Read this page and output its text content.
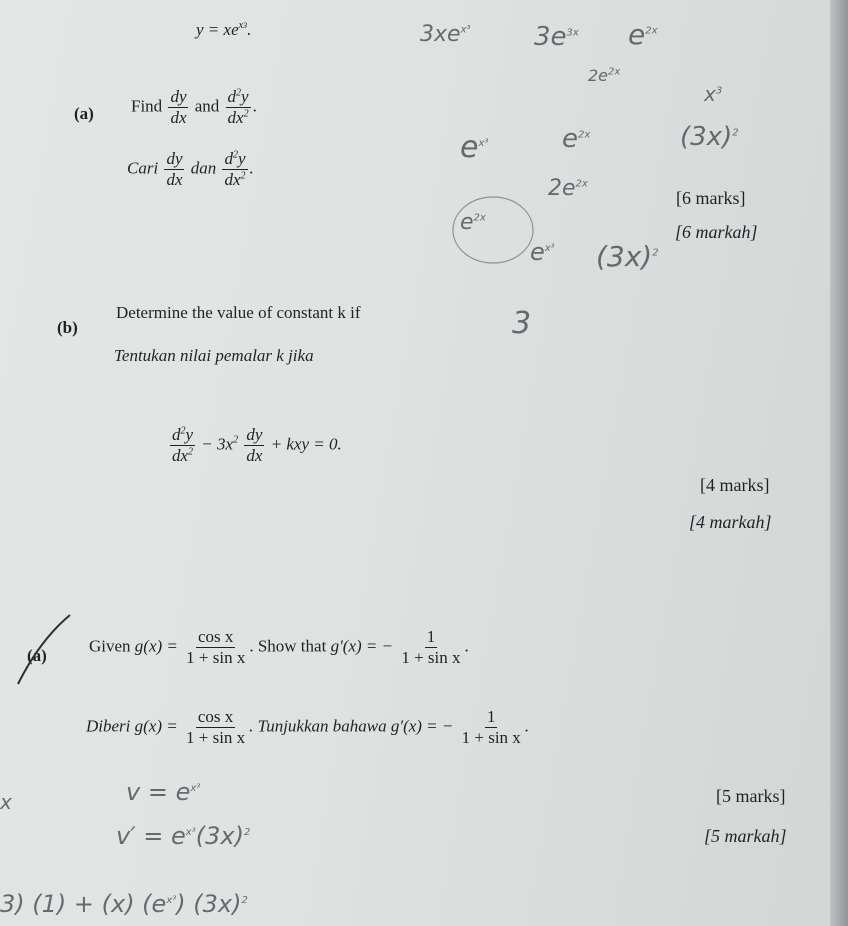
$y = xe^{x3}$.
(a) Find $\frac{dy}{dx}$ and $\frac{d^2y}{dx^2}$ .
Cari $\frac{dy}{dx}$ dan $\frac{d^2y}{dx^2}$ .
[6 marks]
[6 markah]
(b)
Determine the value of constant k if
Tentukan nilai pemalar k jika
$\frac{d^2y}{dx^2} - 3x^2 \frac{dy}{dx}$ + kxy = 0.
[4 marks]
[4 markah]
(a)
Given $g(x) = \frac{\text{cos x}}{\text{1 + sin x}}$ . Show that g′(x) = − $\frac{1}{\text{1 + sin x}}$ .
Diberi $g(x) = \frac{\text{cos x}}{\text{1 + sin x}}$ . Tunjukkan bahawa g′(x) = − $\frac{1}{\text{1 + sin x}}$ .
[5 marks]
[5 markah]
$3xe^{x^3}$ $3e^{3x}$ $e^{2x}$
$2e^{2x}$
$x^3$
$e^{x^3}$	$e^{2x}$	$(3x)^2$
$2e^{2x}$
$e^{2x}$
$e^{x^3}$ $(3x)^2$
3
x	$v = e^{x^3}$
$v' = e^{x^3}(3x)^2$
3) (1) + (x) $(e^{x^3})$ $(3x)^2$
